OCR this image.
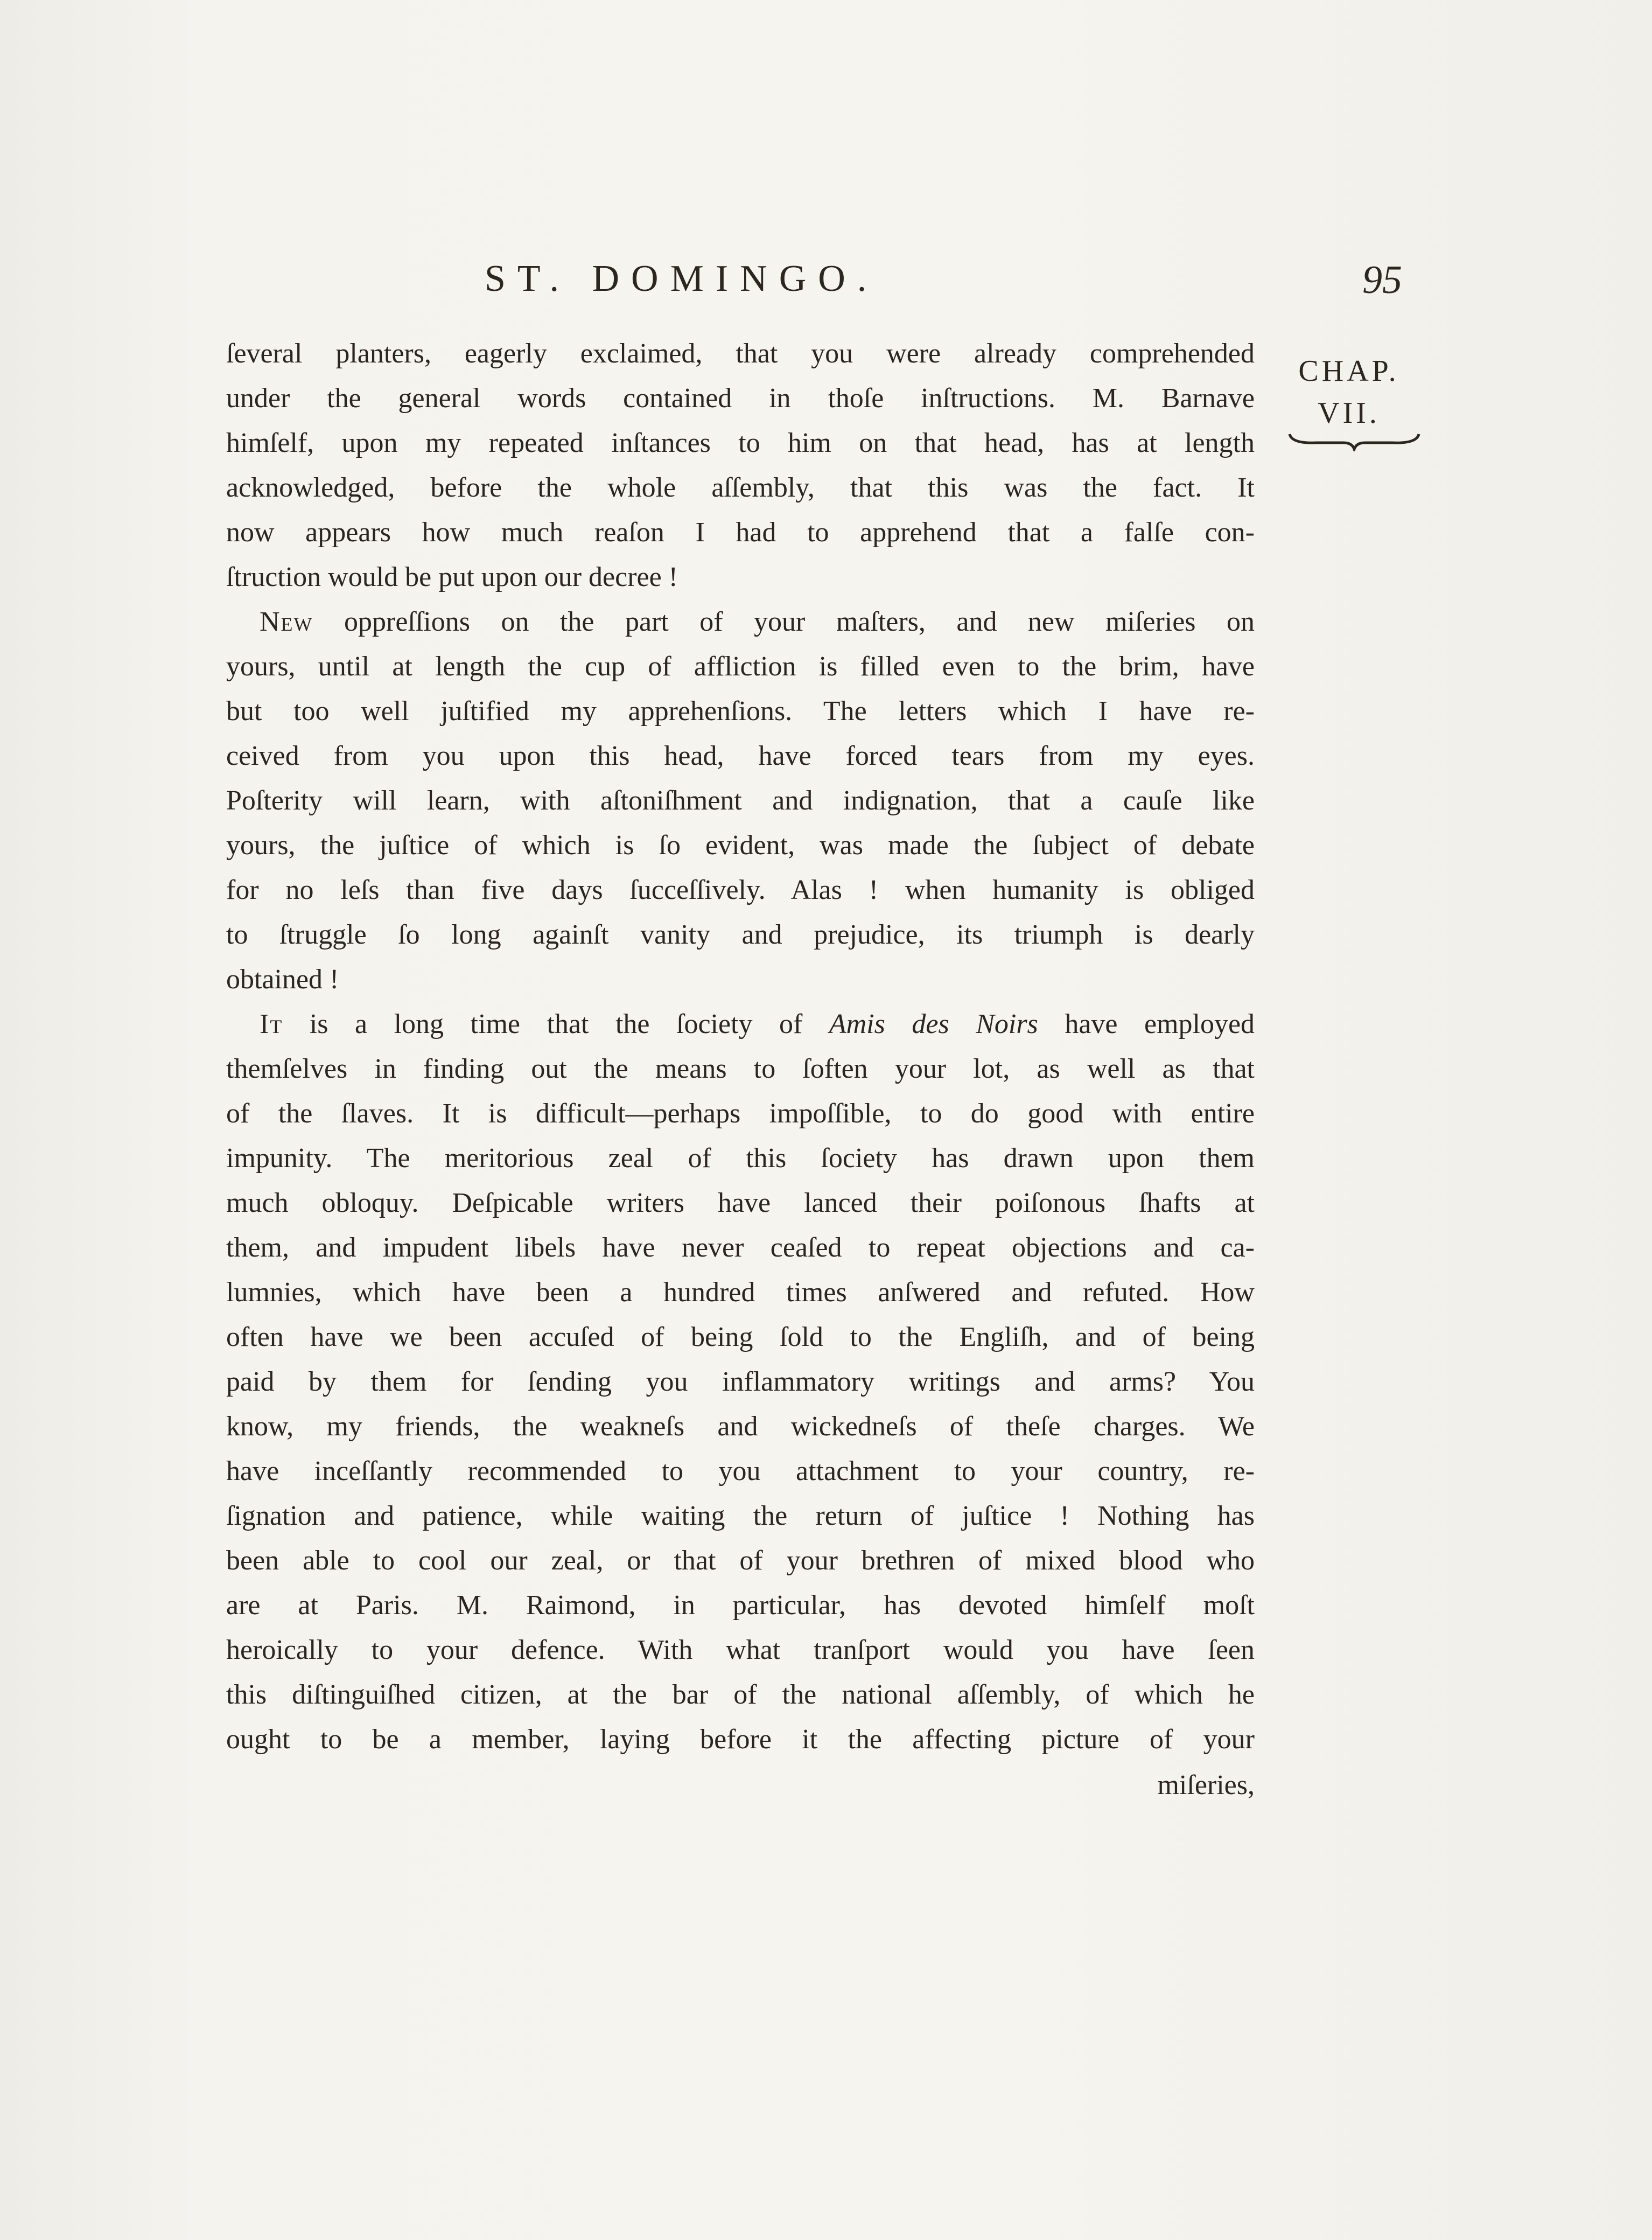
ST. DOMINGO.	95
CHAP.
VII.
ſeveral planters, eagerly exclaimed, that you were already comprehended
under the general words contained in thoſe inſtructions. M. Barnave
himſelf, upon my repeated inſtances to him on that head, has at length
acknowledged, before the whole aſſembly, that this was the fact. It
now appears how much reaſon I had to apprehend that a falſe con-
ſtruction would be put upon our decree !
New oppreſſions on the part of your maſters, and new miſeries on
yours, until at length the cup of affliction is filled even to the brim, have
but too well juſtified my apprehenſions. The letters which I have re-
ceived from you upon this head, have forced tears from my eyes.
Poſterity will learn, with aſtoniſhment and indignation, that a cauſe like
yours, the juſtice of which is ſo evident, was made the ſubject of debate
for no leſs than five days ſucceſſively. Alas ! when humanity is obliged
to ſtruggle ſo long againſt vanity and prejudice, its triumph is dearly
obtained !
It is a long time that the ſociety of Amis des Noirs have employed
themſelves in finding out the means to ſoften your lot, as well as that
of the ſlaves. It is difficult—perhaps impoſſible, to do good with entire
impunity. The meritorious zeal of this ſociety has drawn upon them
much obloquy. Deſpicable writers have lanced their poiſonous ſhafts at
them, and impudent libels have never ceaſed to repeat objections and ca-
lumnies, which have been a hundred times anſwered and refuted. How
often have we been accuſed of being ſold to the Engliſh, and of being
paid by them for ſending you inflammatory writings and arms? You
know, my friends, the weakneſs and wickedneſs of theſe charges. We
have inceſſantly recommended to you attachment to your country, re-
ſignation and patience, while waiting the return of juſtice ! Nothing has
been able to cool our zeal, or that of your brethren of mixed blood who
are at Paris. M. Raimond, in particular, has devoted himſelf moſt
heroically to your defence. With what tranſport would you have ſeen
this diſtinguiſhed citizen, at the bar of the national aſſembly, of which he
ought to be a member, laying before it the affecting picture of your
miſeries,
